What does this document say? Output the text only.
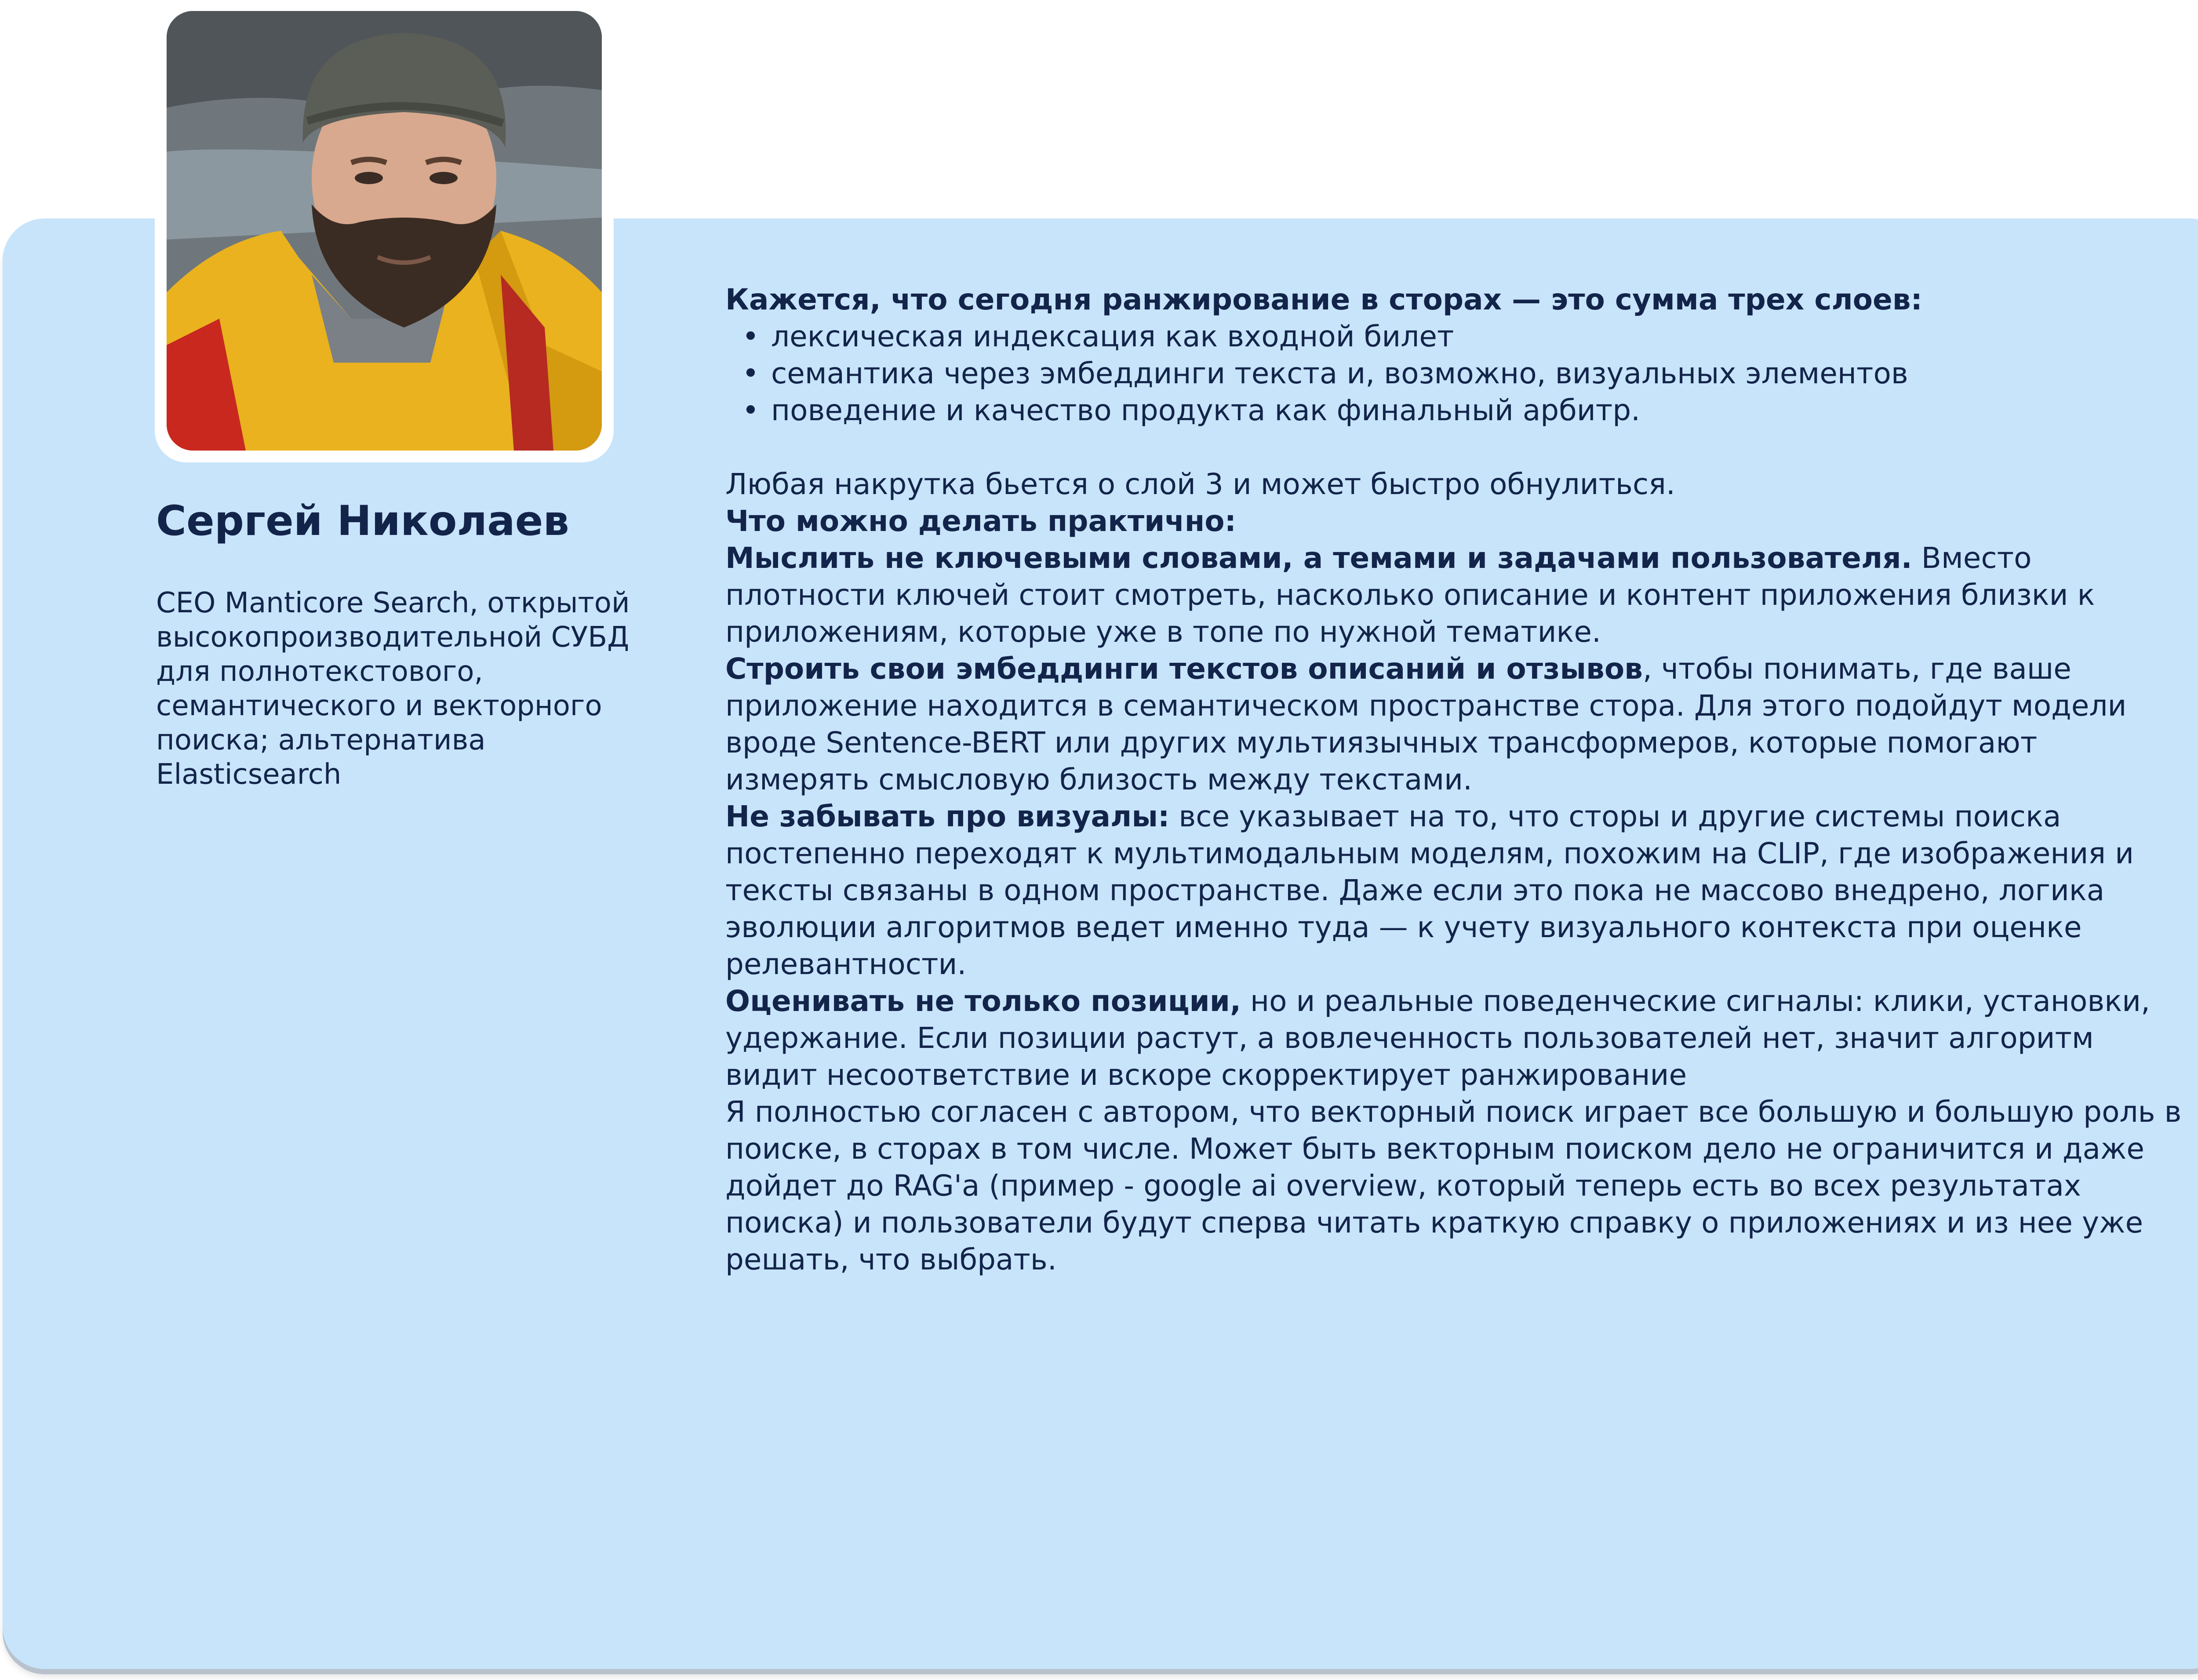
Сергей Николаев
CEO Manticore Search, открытой высокопроизводительной СУБД для полнотекстового, семантического и векторного поиска; альтернатива Elasticsearch

Кажется, что сегодня ранжирование в сторах — это сумма трех слоев:

• лексическая индексация как входной билет
• семантика через эмбеддинги текста и, возможно, визуальных элементов
• поведение и качество продукта как финальный арбитр.

Любая накрутка бьется о слой 3 и может быстро обнулиться.

Что можно делать практично:

Мыслить не ключевыми словами, а темами и задачами пользователя. Вместо плотности ключей стоит смотреть, насколько описание и контент приложения близки к приложениям, которые уже в топе по нужной тематике.

Строить свои эмбеддинги текстов описаний и отзывов, чтобы понимать, где ваше приложение находится в семантическом пространстве стора. Для этого подойдут модели вроде Sentence-BERT или других мультиязычных трансформеров, которые помогают измерять смысловую близость между текстами.

Не забывать про визуалы: все указывает на то, что сторы и другие системы поиска постепенно переходят к мультимодальным моделям, похожим на CLIP, где изображения и тексты связаны в одном пространстве. Даже если это пока не массово внедрено, логика эволюции алгоритмов ведет именно туда — к учету визуального контекста при оценке релевантности.

Оценивать не только позиции, но и реальные поведенческие сигналы: клики, установки, удержание. Если позиции растут, а вовлеченность пользователей нет, значит алгоритм видит несоответствие и вскоре скорректирует ранжирование

Я полностью согласен с автором, что векторный поиск играет все большую и большую роль в поиске, в сторах в том числе. Может быть векторным поиском дело не ограничится и даже дойдет до RAG'a (пример - google ai overview, который теперь есть во всех результатах поиска) и пользователи будут сперва читать краткую справку о приложениях и из нее уже решать, что выбрать.
